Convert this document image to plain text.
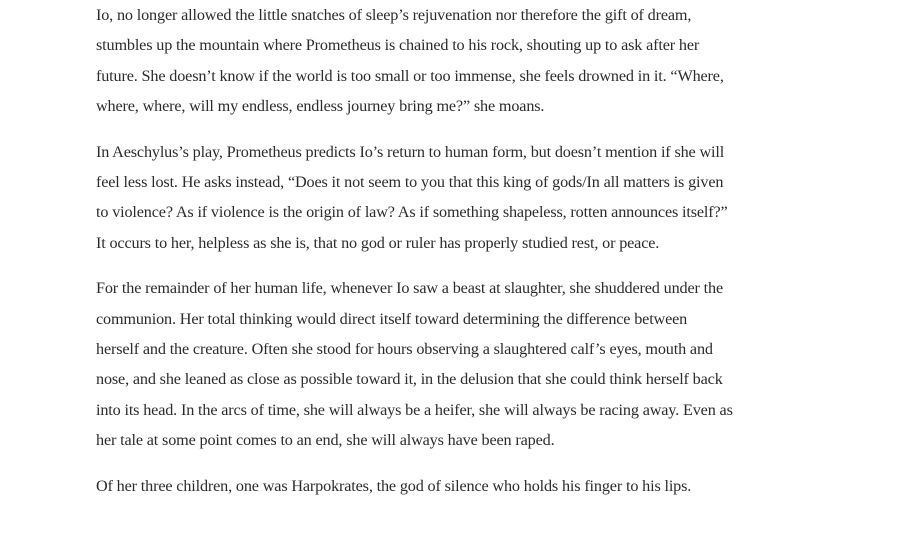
Io, no longer allowed the little snatches of sleep’s rejuvenation nor therefore the gift of dream,
stumbles up the mountain where Prometheus is chained to his rock, shouting up to ask after her
future. She doesn’t know if the world is too small or too immense, she feels drowned in it. “Where,
where, where, will my endless, endless journey bring me?” she moans.

In Aeschylus’s play, Prometheus predicts Io’s return to human form, but doesn’t mention if she will
feel less lost. He asks instead, “Does it not seem to you that this king of gods/In all matters is given
to violence? As if violence is the origin of law? As if something shapeless, rotten announces itself?”
It occurs to her, helpless as she is, that no god or ruler has properly studied rest, or peace.

For the remainder of her human life, whenever Io saw a beast at slaughter, she shuddered under the
communion. Her total thinking would direct itself toward determining the difference between
herself and the creature. Often she stood for hours observing a slaughtered calf’s eyes, mouth and
nose, and she leaned as close as possible toward it, in the delusion that she could think herself back
into its head. In the arcs of time, she will always be a heifer, she will always be racing away. Even as
her tale at some point comes to an end, she will always have been raped.

Of her three children, one was Harpokrates, the god of silence who holds his finger to his lips.
